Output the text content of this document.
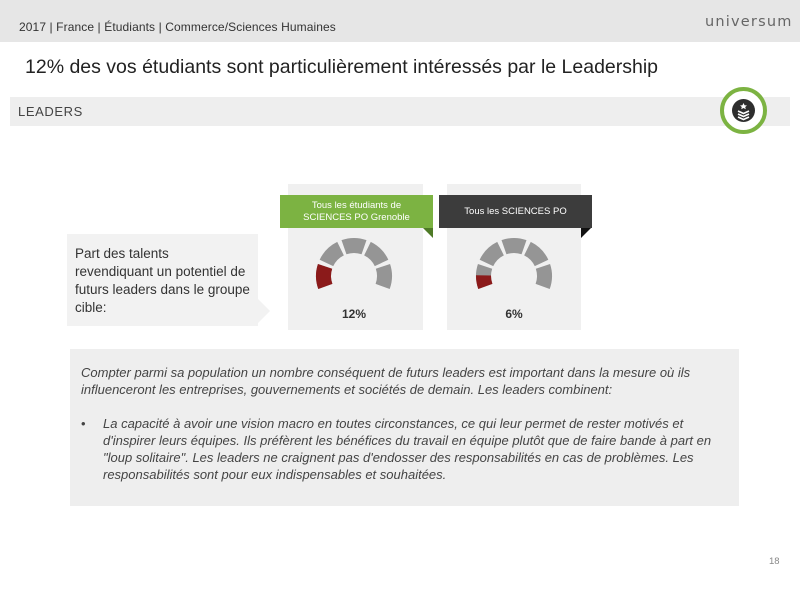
2017 | France | Étudiants | Commerce/Sciences Humaines	universum
12% des vos étudiants sont particulièrement intéressés par le Leadership
LEADERS
Part des talents revendiquant un potentiel de futurs leaders dans le groupe cible:
Tous les étudiants de SCIENCES PO Grenoble
12%
Tous les SCIENCES PO
6%

Compter parmi sa population un nombre conséquent de futurs leaders est important dans la mesure où ils influenceront les entreprises, gouvernements et sociétés de demain. Les leaders combinent:

• La capacité à avoir une vision macro en toutes circonstances, ce qui leur permet de rester motivés et d'inspirer leurs équipes. Ils préfèrent les bénéfices du travail en équipe plutôt que de faire bande à part en "loup solitaire". Les leaders ne craignent pas d'endosser des responsabilités en cas de problèmes. Les responsabilités sont pour eux indispensables et souhaitées.
18
